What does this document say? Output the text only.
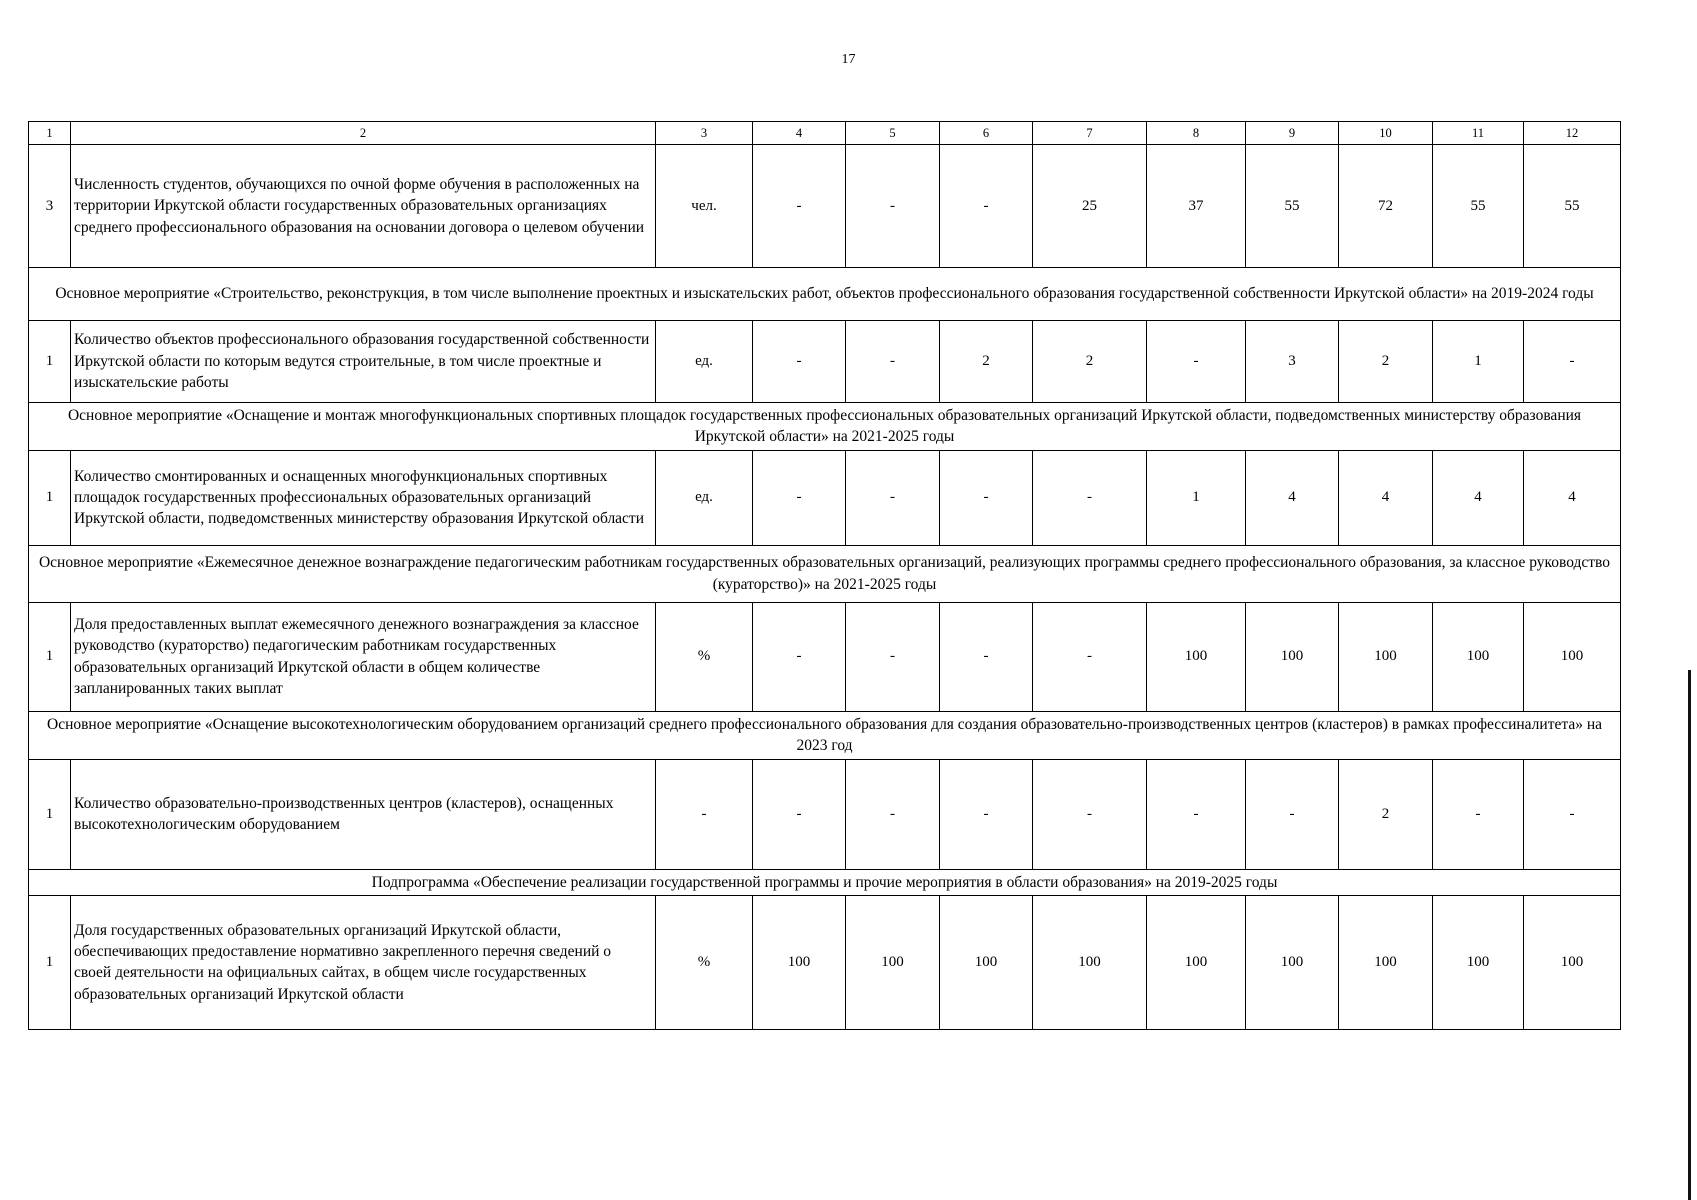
17
1	2	3	4	5	6	7	8	9	10	11	12
3	Численность студентов, обучающихся по очной форме обучения в расположенных на территории Иркутской области государственных образовательных организациях среднего профессионального образования на основании договора о целевом обучении	чел.	-	-	-	25	37	55	72	55	55
Основное мероприятие «Строительство, реконструкция, в том числе выполнение проектных и изыскательских работ, объектов профессионального образования государственной собственности Иркутской области» на 2019-2024 годы											
1	Количество объектов профессионального образования государственной собственности Иркутской области по которым ведутся строительные, в том числе проектные и изыскательские работы	ед.	-	-	2	2	-	3	2	1	-
Основное мероприятие «Оснащение и монтаж многофункциональных спортивных площадок государственных профессиональных образовательных организаций Иркутской области, подведомственных министерству образования Иркутской области» на 2021-2025 годы											
1	Количество смонтированных и оснащенных многофункциональных спортивных площадок государственных профессиональных образовательных организаций Иркутской области, подведомственных министерству образования Иркутской области	ед.	-	-	-	-	1	4	4	4	4
Основное мероприятие «Ежемесячное денежное вознаграждение педагогическим работникам государственных образовательных организаций, реализующих программы среднего профессионального образования, за классное руководство (кураторство)» на 2021-2025 годы											
1	Доля предоставленных выплат ежемесячного денежного вознаграждения за классное руководство (кураторство) педагогическим работникам государственных образовательных организаций Иркутской области в общем количестве запланированных таких выплат	%	-	-	-	-	100	100	100	100	100
Основное мероприятие «Оснащение высокотехнологическим оборудованием организаций среднего профессионального образования для создания образовательно-производственных центров (кластеров) в рамках профессиналитета» на 2023 год											
1	Количество образовательно-производственных центров (кластеров), оснащенных высокотехнологическим оборудованием	-	-	-	-	-	-	-	2	-	-
Подпрограмма «Обеспечение реализации государственной программы и прочие мероприятия в области образования» на 2019-2025 годы											
1	Доля государственных образовательных организаций Иркутской области, обеспечивающих предоставление нормативно закрепленного перечня сведений о своей деятельности на официальных сайтах, в общем числе государственных образовательных организаций Иркутской области	%	100	100	100	100	100	100	100	100	100
